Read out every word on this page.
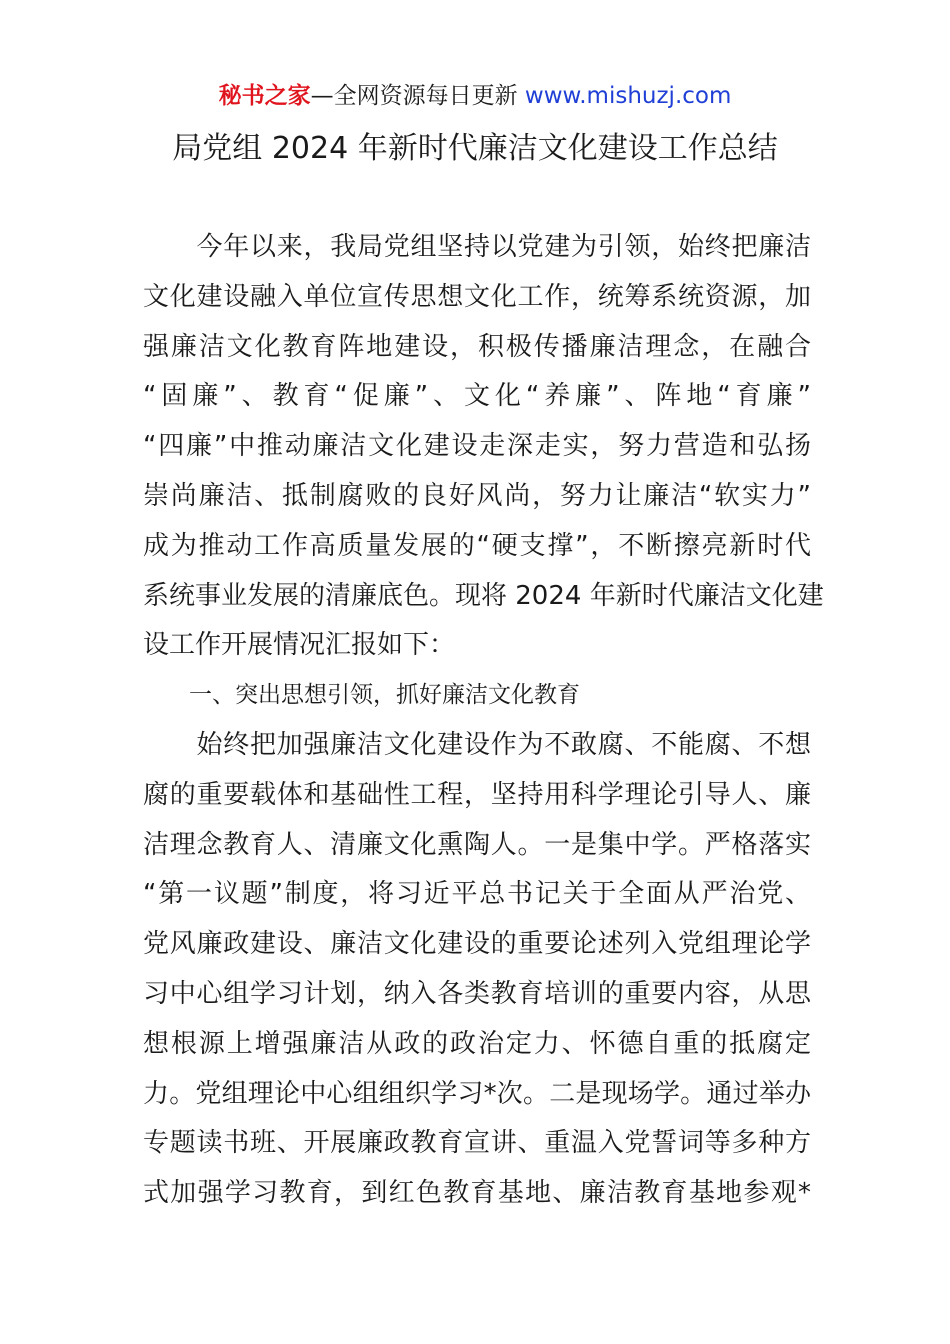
秘书之家—全网资源每日更新 www.mishuzj.com
局党组 2024 年新时代廉洁文化建设工作总结
　　今年以来，我局党组坚持以党建为引领，始终把廉洁
文化建设融入单位宣传思想文化工作，统筹系统资源，加
强廉洁文化教育阵地建设，积极传播廉洁理念，在融合
“固廉”、教育“促廉”、文化“养廉”、阵地“育廉”
“四廉”中推动廉洁文化建设走深走实，努力营造和弘扬
崇尚廉洁、抵制腐败的良好风尚，努力让廉洁“软实力”
成为推动工作高质量发展的“硬支撑”，不断擦亮新时代
系统事业发展的清廉底色。现将 2024 年新时代廉洁文化建
设工作开展情况汇报如下：
　　一、突出思想引领，抓好廉洁文化教育
　　始终把加强廉洁文化建设作为不敢腐、不能腐、不想
腐的重要载体和基础性工程，坚持用科学理论引导人、廉
洁理念教育人、清廉文化熏陶人。一是集中学。严格落实
“第一议题”制度，将习近平总书记关于全面从严治党、
党风廉政建设、廉洁文化建设的重要论述列入党组理论学
习中心组学习计划，纳入各类教育培训的重要内容，从思
想根源上增强廉洁从政的政治定力、怀德自重的抵腐定
力。党组理论中心组组织学习*次。二是现场学。通过举办
专题读书班、开展廉政教育宣讲、重温入党誓词等多种方
式加强学习教育，到红色教育基地、廉洁教育基地参观*
